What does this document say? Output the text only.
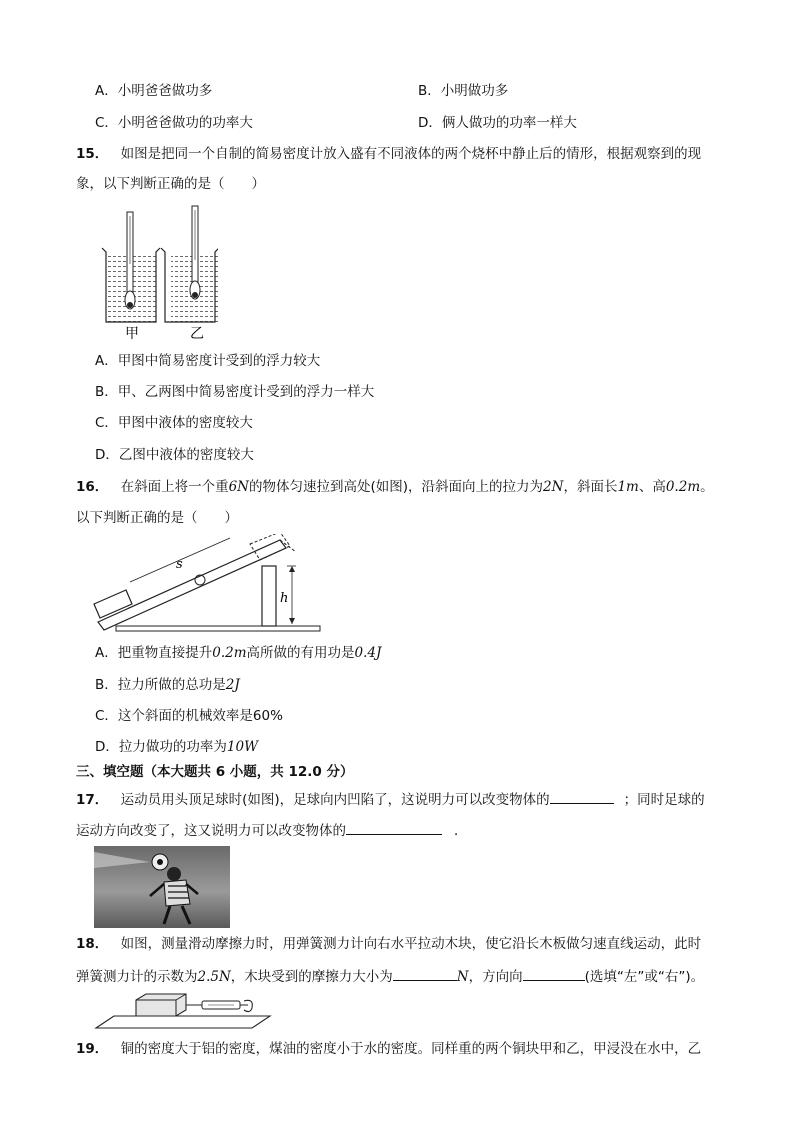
A．小明爸爸做功多	B．小明做功多
C．小明爸爸做功的功率大	D．俩人做功的功率一样大
15． 如图是把同一个自制的简易密度计放入盛有不同液体的两个烧杯中静止后的情形，根据观察到的现
象，以下判断正确的是（　　）
甲	乙
A．甲图中简易密度计受到的浮力较大
B．甲、乙两图中简易密度计受到的浮力一样大
C．甲图中液体的密度较大
D．乙图中液体的密度较大
16． 在斜面上将一个重6N的物体匀速拉到高处(如图)，沿斜面向上的拉力为2N，斜面长1m、高0.2m。
以下判断正确的是（　　）
s
h
A．把重物直接提升0.2m高所做的有用功是0.4J
B．拉力所做的总功是2J
C．这个斜面的机械效率是60%
D．拉力做功的功率为10W
三、填空题（本大题共 6 小题，共 12.0 分）
17． 运动员用头顶足球时(如图)，足球向内凹陷了，这说明力可以改变物体的	；同时足球的
运动方向改变了，这又说明力可以改变物体的	．
18． 如图，测量滑动摩擦力时，用弹簧测力计向右水平拉动木块，使它沿长木板做匀速直线运动，此时
弹簧测力计的示数为2.5N，木块受到的摩擦力大小为	N，方向向	(选填“左”或“右”)。
19． 铜的密度大于铝的密度，煤油的密度小于水的密度。同样重的两个铜块甲和乙，甲浸没在水中，乙
